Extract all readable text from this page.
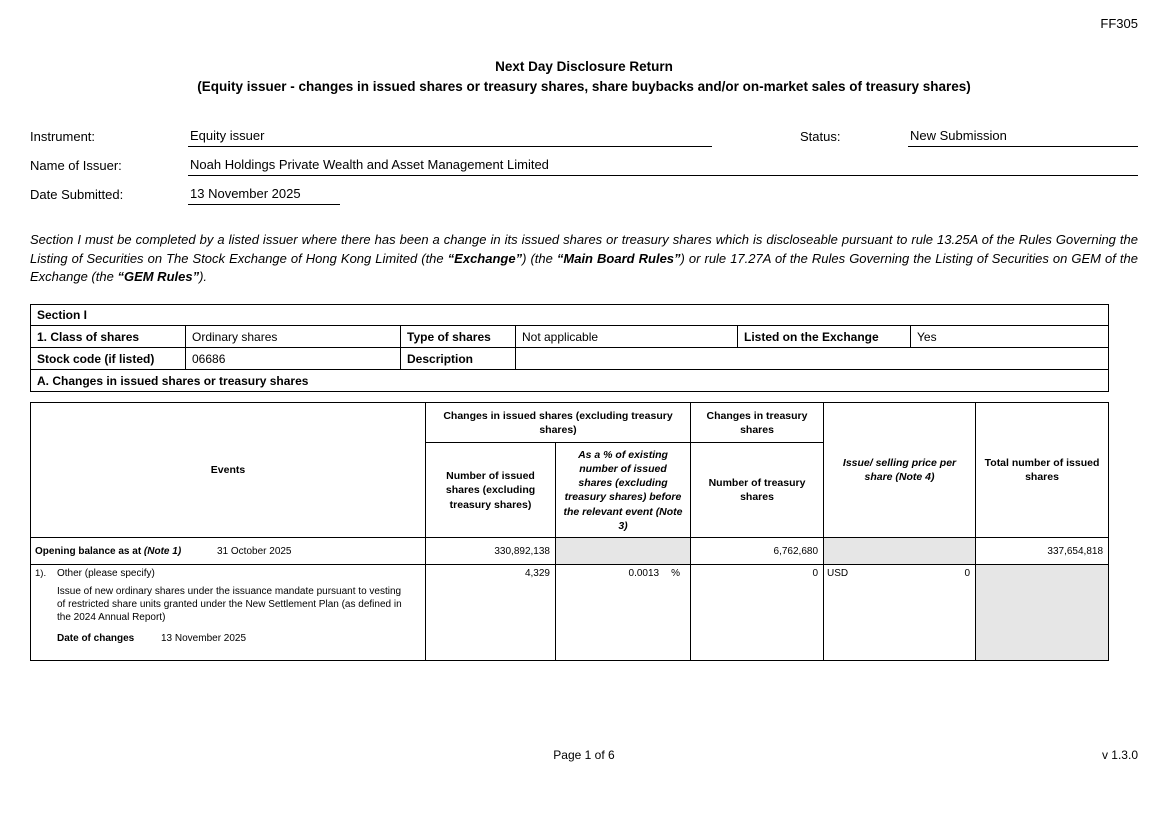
FF305
Next Day Disclosure Return
(Equity issuer - changes in issued shares or treasury shares, share buybacks and/or on-market sales of treasury shares)
Instrument:	Equity issuer	Status:	New Submission
Name of Issuer:	Noah Holdings Private Wealth and Asset Management Limited
Date Submitted:	13 November 2025
Section I must be completed by a listed issuer where there has been a change in its issued shares or treasury shares which is discloseable pursuant to rule 13.25A of the Rules Governing the Listing of Securities on The Stock Exchange of Hong Kong Limited (the “Exchange”) (the “Main Board Rules”) or rule 17.27A of the Rules Governing the Listing of Securities on GEM of the Exchange (the “GEM Rules”).
Section I					
1. Class of shares	Ordinary shares	Type of shares	Not applicable	Listed on the Exchange	Yes
Stock code (if listed)	06686	Description			
A. Changes in issued shares or treasury shares					
Events	Changes in issued shares (excluding treasury shares)		Changes in treasury shares	Issue/ selling price per share (Note 4)	Total number of issued shares
	Number of issued shares (excluding treasury shares)	As a % of existing number of issued shares (excluding treasury shares) before the relevant event (Note 3)	Number of treasury shares		

Opening balance as at (Note 1) 31 October 2025	330,892,138		6,762,680		337,654,818

1).	Other (please specify)
Issue of new ordinary shares under the issuance mandate pursuant to vesting of restricted share units granted under the New Settlement Plan (as defined in the 2024 Annual Report)
Date of changes	13 November 2025
	4,329	0.0013 %	0	USD	0

Page 1 of 6	v 1.3.0
